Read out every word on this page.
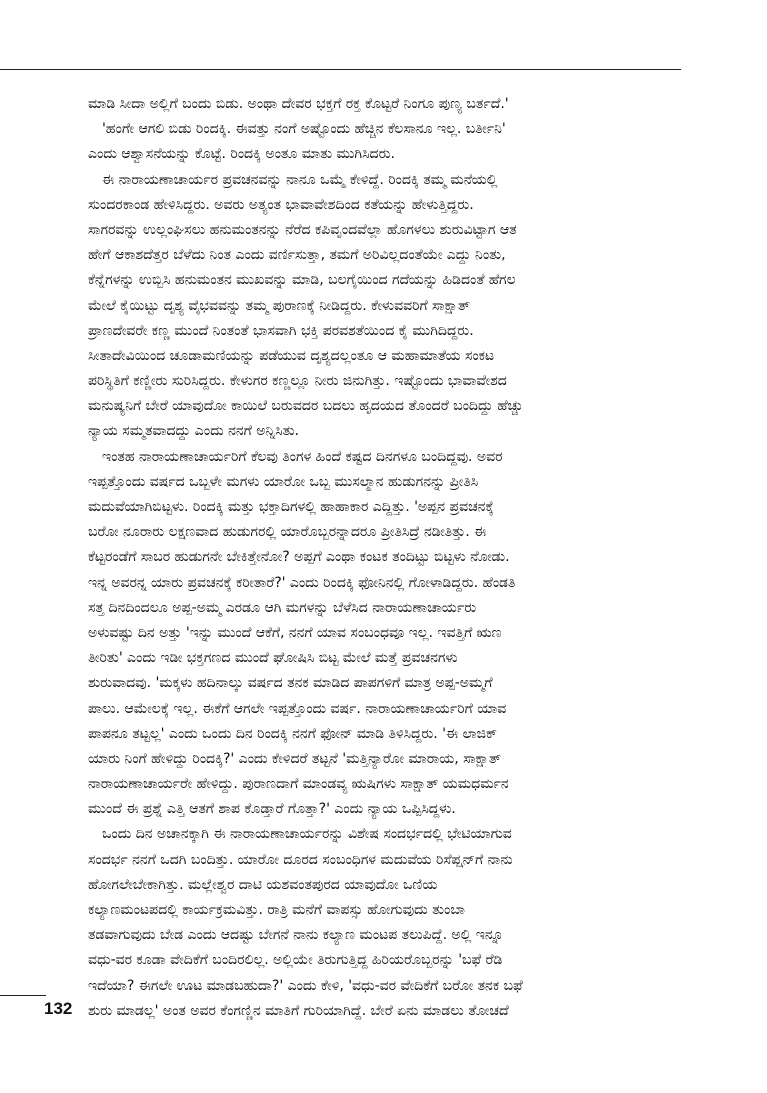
ಮಾಡಿ ಸೀದಾ ಅಲ್ಲಿಗೆ ಬಂದು ಬಿಡು. ಅಂಥಾ ದೇವರ ಭಕ್ತಗೆ ರಕ್ತ ಕೊಟ್ಟರೆ ನಿಂಗೂ ಪುಣ್ಯ ಬರ್ತದೆ.'
'ಹಂಗೇ ಆಗಲಿ ಬಿಡು ರಿಂದಕ್ಕಿ. ಈವತ್ತು ನಂಗೆ ಅಷ್ಟೊಂದು ಹೆಚ್ಚಿನ ಕೆಲಸಾನೂ ಇಲ್ಲ. ಬರ್ತೀನಿ'
ಎಂದು ಆಶ್ವಾಸನೆಯನ್ನು ಕೊಟ್ಟೆ. ರಿಂದಕ್ಕಿ ಅಂತೂ ಮಾತು ಮುಗಿಸಿದರು.
ಈ ನಾರಾಯಣಾಚಾರ್ಯರ ಪ್ರವಚನವನ್ನು ನಾನೂ ಒಮ್ಮೆ ಕೇಳಿದ್ದೆ. ರಿಂದಕ್ಕಿ ತಮ್ಮ ಮನೆಯಲ್ಲಿ
ಸುಂದರಕಾಂಡ ಹೇಳಿಸಿದ್ದರು. ಅವರು ಅತ್ಯಂತ ಭಾವಾವೇಶದಿಂದ ಕತೆಯನ್ನು ಹೇಳುತ್ತಿದ್ದರು.
ಸಾಗರವನ್ನು ಉಲ್ಲಂಘಿಸಲು ಹನುಮಂತನನ್ನು ನೆರೆದ ಕಪಿವೃಂದವೆಲ್ಲಾ ಹೊಗಳಲು ಶುರುವಿಟ್ಟಾಗ ಆತ
ಹೇಗೆ ಆಕಾಶದೆತ್ತರ ಬೆಳೆದು ನಿಂತ ಎಂದು ವರ್ಣಿಸುತ್ತಾ, ತಮಗೆ ಅರಿವಿಲ್ಲದಂತೆಯೇ ಎದ್ದು ನಿಂತು,
ಕೆನ್ನೆಗಳನ್ನು ಉಬ್ಬಿಸಿ ಹನುಮಂತನ ಮುಖವನ್ನು ಮಾಡಿ, ಬಲಗೈಯಿಂದ ಗದೆಯನ್ನು ಹಿಡಿದಂತೆ ಹೆಗಲ
ಮೇಲೆ ಕೈಯಿಟ್ಟು ದೃಶ್ಯ ವೈಭವವನ್ನು ತಮ್ಮ ಪುರಾಣಕ್ಕೆ ನೀಡಿದ್ದರು. ಕೇಳುವವರಿಗೆ ಸಾಕ್ಷಾತ್
ಪ್ರಾಣದೇವರೇ ಕಣ್ಣ ಮುಂದೆ ನಿಂತಂತೆ ಭಾಸವಾಗಿ ಭಕ್ತಿ ಪರವಶತೆಯಿಂದ ಕೈ ಮುಗಿದಿದ್ದರು.
ಸೀತಾದೇವಿಯಿಂದ ಚೂಡಾಮಣಿಯನ್ನು ಪಡೆಯುವ ದೃಶ್ಯದಲ್ಲಂತೂ ಆ ಮಹಾಮಾತೆಯ ಸಂಕಟ
ಪರಿಸ್ಥಿತಿಗೆ ಕಣ್ಣೀರು ಸುರಿಸಿದ್ದರು. ಕೇಳುಗರ ಕಣ್ಣಲ್ಲೂ ನೀರು ಜಿನುಗಿತ್ತು. ಇಷ್ಟೊಂದು ಭಾವಾವೇಶದ
ಮನುಷ್ಯನಿಗೆ ಬೇರೆ ಯಾವುದೋ ಕಾಯಿಲೆ ಬರುವದರ ಬದಲು ಹೃದಯದ ತೊಂದರೆ ಬಂದಿದ್ದು ಹೆಚ್ಚು
ನ್ಯಾಯ ಸಮ್ಮತವಾದದ್ದು ಎಂದು ನನಗೆ ಅನ್ನಿಸಿತು.
ಇಂತಹ ನಾರಾಯಣಾಚಾರ್ಯರಿಗೆ ಕೆಲವು ತಿಂಗಳ ಹಿಂದೆ ಕಷ್ಟದ ದಿನಗಳೂ ಬಂದಿದ್ದವು. ಅವರ
ಇಪ್ಪತ್ತೊಂದು ವರ್ಷದ ಒಬ್ಬಳೇ ಮಗಳು ಯಾರೋ ಒಬ್ಬ ಮುಸಲ್ಮಾನ ಹುಡುಗನನ್ನು ಪ್ರೀತಿಸಿ
ಮದುವೆಯಾಗಿಬಿಟ್ಟಳು. ರಿಂದಕ್ಕಿ ಮತ್ತು ಭಕ್ತಾದಿಗಳಲ್ಲಿ ಹಾಹಾಕಾರ ಎದ್ದಿತ್ತು. 'ಅಪ್ಪನ ಪ್ರವಚನಕ್ಕೆ
ಬರೋ ನೂರಾರು ಲಕ್ಷಣವಾದ ಹುಡುಗರಲ್ಲಿ ಯಾರೊಬ್ಬರನ್ನಾದರೂ ಪ್ರೀತಿಸಿದ್ರೆ ನಡೀತಿತ್ತು. ಈ
ಕೆಟ್ಟರಂಡೆಗೆ ಸಾಬರ ಹುಡುಗನೇ ಬೇಕಿತ್ತೇನೋ? ಅಪ್ಪಗೆ ಎಂಥಾ ಕಂಟಕ ತಂದಿಟ್ಟು ಬಿಟ್ಟಳು ನೋಡು.
ಇನ್ನ ಅವರನ್ನ ಯಾರು ಪ್ರವಚನಕ್ಕೆ ಕರೀತಾರೆ?' ಎಂದು ರಿಂದಕ್ಕಿ ಫೋನಿನಲ್ಲಿ ಗೋಳಾಡಿದ್ದರು. ಹೆಂಡತಿ
ಸತ್ತ ದಿನದಿಂದಲೂ ಅಪ್ಪ-ಅಮ್ಮ ಎರಡೂ ಆಗಿ ಮಗಳನ್ನು ಬೆಳೆಸಿದ ನಾರಾಯಣಾಚಾರ್ಯರು
ಅಳುವಷ್ಟು ದಿನ ಅತ್ತು 'ಇನ್ನು ಮುಂದೆ ಆಕೆಗೆ, ನನಗೆ ಯಾವ ಸಂಬಂಧವೂ ಇಲ್ಲ. ಇವತ್ತಿಗೆ ಋಣ
ತೀರಿತು' ಎಂದು ಇಡೀ ಭಕ್ತಗಣದ ಮುಂದೆ ಘೋಷಿಸಿ ಬಿಟ್ಟ ಮೇಲೆ ಮತ್ತೆ ಪ್ರವಚನಗಳು
ಶುರುವಾದವು. 'ಮಕ್ಕಳು ಹದಿನಾಲ್ಕು ವರ್ಷದ ತನಕ ಮಾಡಿದ ಪಾಪಗಳಿಗೆ ಮಾತ್ರ ಅಪ್ಪ-ಅಮ್ಮಗೆ
ಪಾಲು. ಆಮೇಲಕ್ಕೆ ಇಲ್ಲ. ಈಕೆಗೆ ಆಗಲೇ ಇಪ್ಪತ್ತೊಂದು ವರ್ಷ. ನಾರಾಯಣಾಚಾರ್ಯರಿಗೆ ಯಾವ
ಪಾಪನೂ ತಟ್ಟಲ್ಲ' ಎಂದು ಒಂದು ದಿನ ರಿಂದಕ್ಕಿ ನನಗೆ ಫೋನ್ ಮಾಡಿ ತಿಳಿಸಿದ್ದರು. 'ಈ ಲಾಜಿಕ್
ಯಾರು ನಿಂಗೆ ಹೇಳಿದ್ದು ರಿಂದಕ್ಕಿ?' ಎಂದು ಕೇಳಿದರೆ ತಟ್ಟನೆ 'ಮತ್ತಿನ್ಯಾರೋ ಮಾರಾಯ, ಸಾಕ್ಷಾತ್
ನಾರಾಯಣಾಚಾರ್ಯರೇ ಹೇಳಿದ್ದು. ಪುರಾಣದಾಗೆ ಮಾಂಡವ್ಯ ಋಷಿಗಳು ಸಾಕ್ಷಾತ್ ಯಮಧರ್ಮನ
ಮುಂದೆ ಈ ಪ್ರಶ್ನೆ ಎತ್ತಿ ಆತಗೆ ಶಾಪ ಕೊಡ್ತಾರೆ ಗೊತ್ತಾ?' ಎಂದು ನ್ಯಾಯ ಒಪ್ಪಿಸಿದ್ದಳು.
ಒಂದು ದಿನ ಅಚಾನಕ್ಕಾಗಿ ಈ ನಾರಾಯಣಾಚಾರ್ಯರನ್ನು ವಿಶೇಷ ಸಂದರ್ಭದಲ್ಲಿ ಭೇಟಿಯಾಗುವ
ಸಂದರ್ಭ ನನಗೆ ಒದಗಿ ಬಂದಿತ್ತು. ಯಾರೋ ದೂರದ ಸಂಬಂಧಿಗಳ ಮದುವೆಯ ರಿಸೆಪ್ಷನ್‌ಗೆ ನಾನು
ಹೋಗಲೇಬೇಕಾಗಿತ್ತು. ಮಲ್ಲೇಶ್ವರ ದಾಟಿ ಯಶವಂತಪುರದ ಯಾವುದೋ ಒಣಿಯ
ಕಲ್ಯಾಣಮಂಟಪದಲ್ಲಿ ಕಾರ್ಯಕ್ರಮವಿತ್ತು. ರಾತ್ರಿ ಮನೆಗೆ ವಾಪಸ್ಸು ಹೋಗುವುದು ತುಂಬಾ
ತಡವಾಗುವುದು ಬೇಡ ಎಂದು ಆದಷ್ಟು ಬೇಗನೆ ನಾನು ಕಲ್ಯಾಣ ಮಂಟಪ ತಲುಪಿದ್ದೆ. ಅಲ್ಲಿ ಇನ್ನೂ
ವಧು-ವರ ಕೂಡಾ ವೇದಿಕೆಗೆ ಬಂದಿರಲಿಲ್ಲ. ಅಲ್ಲಿಯೇ ತಿರುಗುತ್ತಿದ್ದ ಹಿರಿಯರೊಬ್ಬರನ್ನು 'ಬಫೆ ರೆಡಿ
ಇದೆಯಾ? ಈಗಲೇ ಊಟ ಮಾಡಬಹುದಾ?' ಎಂದು ಕೇಳಿ, 'ವಧು-ವರ ವೇದಿಕೆಗೆ ಬರೋ ತನಕ ಬಫೆ
ಶುರು ಮಾಡಲ್ಲ' ಅಂತ ಅವರ ಕೆಂಗಣ್ಣಿನ ಮಾತಿಗೆ ಗುರಿಯಾಗಿದ್ದೆ. ಬೇರೆ ಏನು ಮಾಡಲು ತೋಚದೆ
132
